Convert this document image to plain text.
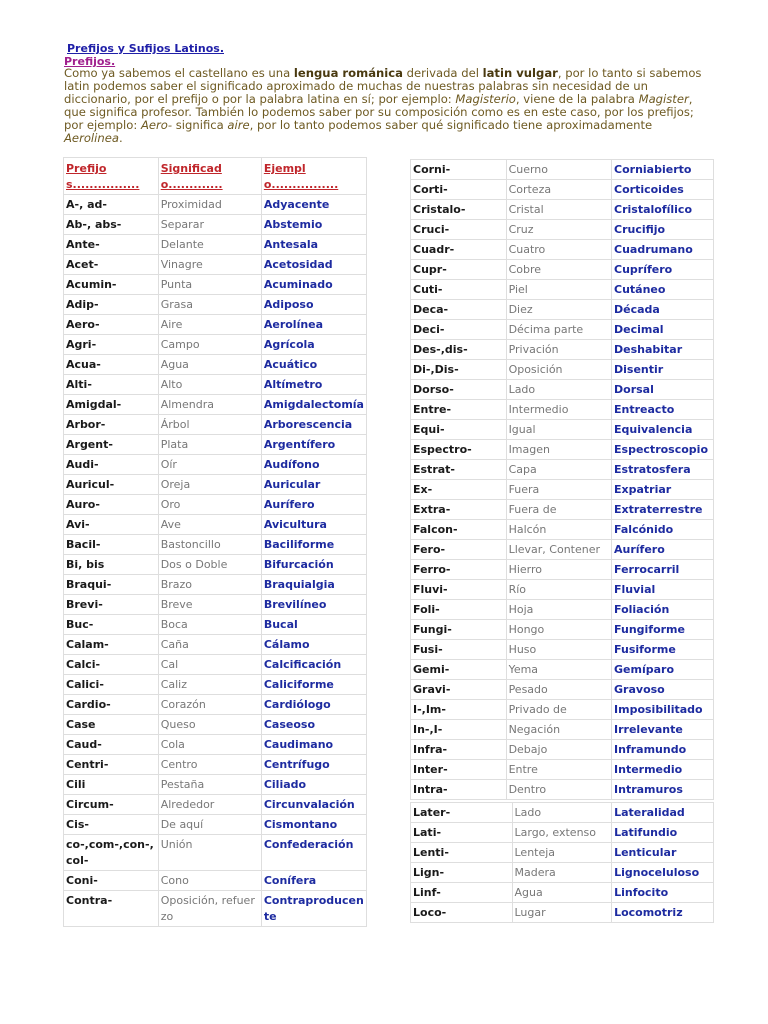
Prefijos y Sufijos Latinos.
Prefijos.
Como ya sabemos el castellano es una lengua románica derivada del latin vulgar, por lo tanto si sabemos latin podemos saber el significado aproximado de muchas de nuestras palabras sin necesidad de un diccionario, por el prefijo o por la palabra latina en sí; por ejemplo: Magisterio, viene de la palabra Magister, que significa profesor. También lo podemos saber por su composición como es en este caso, por los prefijos; por ejemplo: Aero- significa aire, por lo tanto podemos saber qué significado tiene aproximadamente Aerolinea.
Prefijos................	Significado.............	Ejemplo................
A-, ad-	Proximidad	Adyacente
Ab-, abs-	Separar	Abstemio
Ante-	Delante	Antesala
Acet-	Vinagre	Acetosidad
Acumin-	Punta	Acuminado
Adip-	Grasa	Adiposo
Aero-	Aire	Aerolínea
Agri-	Campo	Agrícola
Acua-	Agua	Acuático
Alti-	Alto	Altímetro
Amigdal-	Almendra	Amigdalectomía
Arbor-	Árbol	Arborescencia
Argent-	Plata	Argentífero
Audi-	Oír	Audífono
Auricul-	Oreja	Auricular
Auro-	Oro	Aurífero
Avi-	Ave	Avicultura
Bacil-	Bastoncillo	Baciliforme
Bi, bis	Dos o Doble	Bifurcación
Braqui-	Brazo	Braquialgia
Brevi-	Breve	Brevilíneo
Buc-	Boca	Bucal
Calam-	Caña	Cálamo
Calci-	Cal	Calcificación
Calici-	Caliz	Caliciforme
Cardio-	Corazón	Cardiólogo
Case	Queso	Caseoso
Caud-	Cola	Caudimano
Centri-	Centro	Centrífugo
Cili	Pestaña	Ciliado
Circum-	Alrededor	Circunvalación
Cis-	De aquí	Cismontano
co-,com-,con-,col-	Unión	Confederación
Coni-	Cono	Conífera
Contra-	Oposición, refuerzo	Contraproducente
Corni-	Cuerno	Corniabierto
Corti-	Corteza	Corticoides
Cristalo-	Cristal	Cristalofílico
Cruci-	Cruz	Crucifijo
Cuadr-	Cuatro	Cuadrumano
Cupr-	Cobre	Cuprífero
Cuti-	Piel	Cutáneo
Deca-	Diez	Década
Deci-	Décima parte	Decimal
Des-,dis-	Privación	Deshabitar
Di-,Dis-	Oposición	Disentir
Dorso-	Lado	Dorsal
Entre-	Intermedio	Entreacto
Equi-	Igual	Equivalencia
Espectro-	Imagen	Espectroscopio
Estrat-	Capa	Estratosfera
Ex-	Fuera	Expatriar
Extra-	Fuera de	Extraterrestre
Falcon-	Halcón	Falcónido
Fero-	Llevar, Contener	Aurífero
Ferro-	Hierro	Ferrocarril
Fluvi-	Río	Fluvial
Foli-	Hoja	Foliación
Fungi-	Hongo	Fungiforme
Fusi-	Huso	Fusiforme
Gemi-	Yema	Gemíparo
Gravi-	Pesado	Gravoso
I-,Im-	Privado de	Imposibilitado
In-,I-	Negación	Irrelevante
Infra-	Debajo	Inframundo
Inter-	Entre	Intermedio
Intra-	Dentro	Intramuros
Later-	Lado	Lateralidad
Lati-	Largo, extenso	Latifundio
Lenti-	Lenteja	Lenticular
Lign-	Madera	Lignoceluloso
Linf-	Agua	Linfocito
Loco-	Lugar	Locomotriz
